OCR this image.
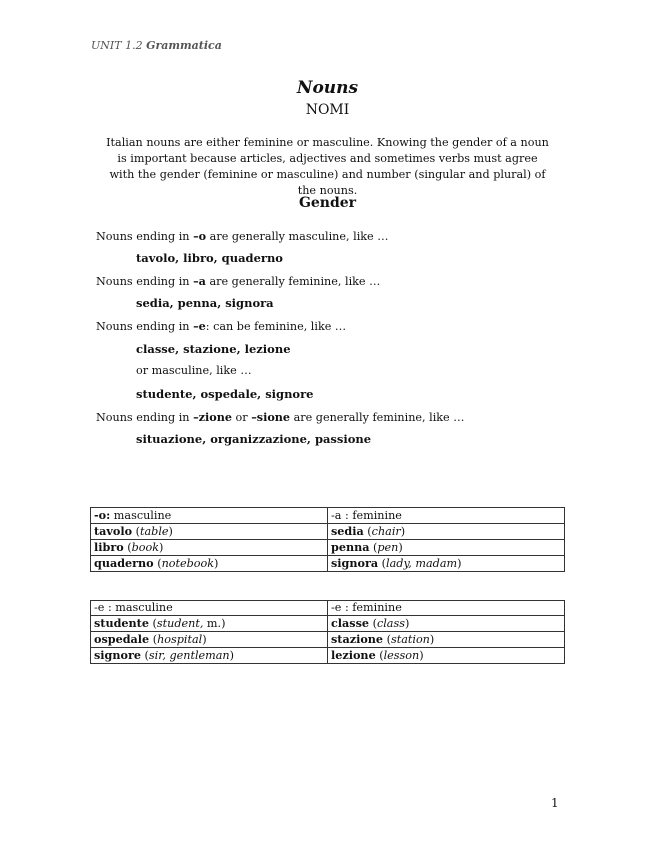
UNIT 1.2 Grammatica
Nouns
NOMI
Italian nouns are either feminine or masculine. Knowing the gender of a noun is important because articles, adjectives and sometimes verbs must agree with the gender (feminine or masculine) and number (singular and plural) of the nouns.
Gender
Nouns ending in –o are generally masculine, like …
tavolo, libro, quaderno
Nouns ending in –a are generally feminine, like …
sedia, penna, signora
Nouns ending in –e: can be feminine, like …
classe, stazione, lezione
or masculine, like …
studente, ospedale, signore
Nouns ending in –zione or –sione are generally feminine, like …
situazione, organizzazione, passione
-o: masculine	-a : feminine
tavolo (table)	sedia (chair)
libro (book)	penna (pen)
quaderno (notebook)	signora (lady, madam)
-e : masculine	-e : feminine
studente (student, m.)	classe (class)
ospedale (hospital)	stazione (station)
signore (sir, gentleman)	lezione (lesson)
1
